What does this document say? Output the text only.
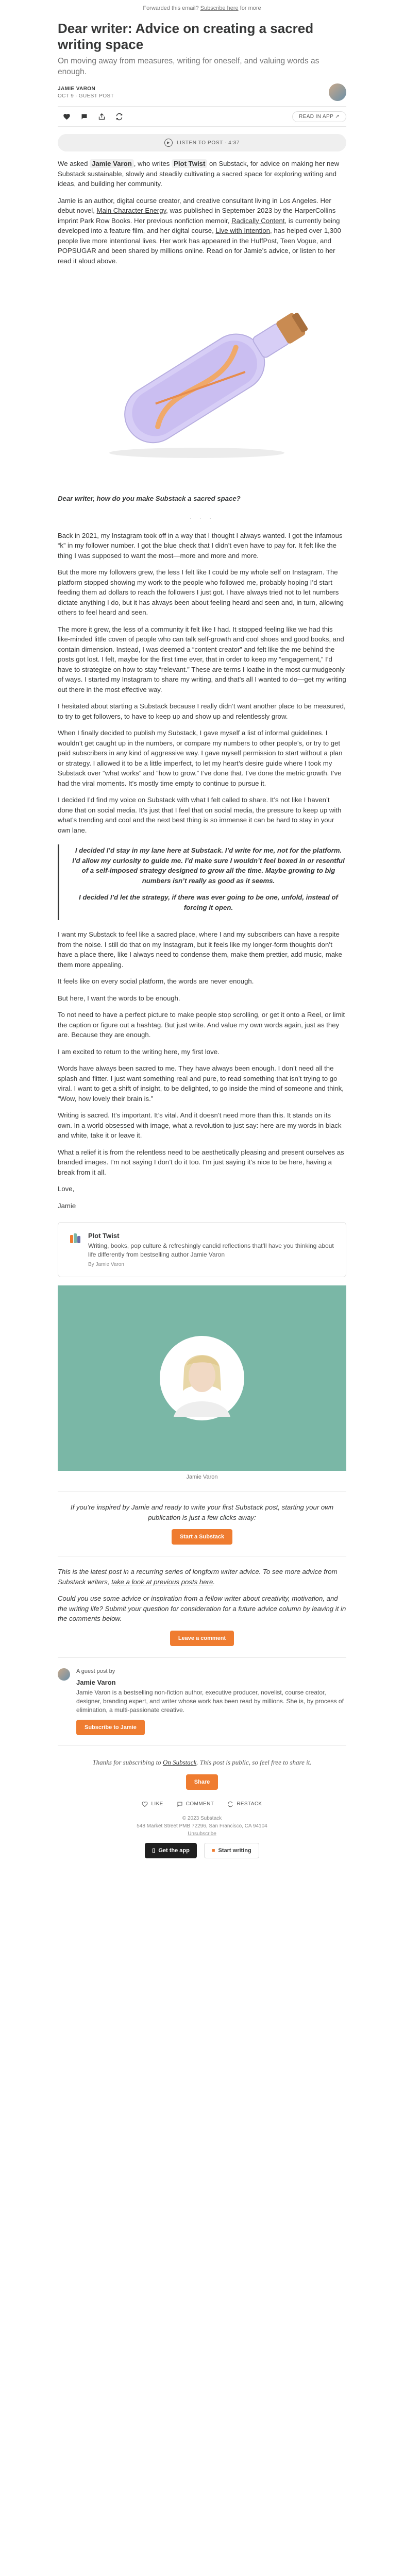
Forwarded this email? Subscribe here for more
Dear writer: Advice on creating a sacred writing space
On moving away from measures, writing for oneself, and valuing words as enough.
JAMIE VARON
OCT 9 ∙ GUEST POST
READ IN APP ↗
▶	LISTEN TO POST · 4:37

We asked Jamie Varon , who writes Plot Twist on Substack, for advice on making her new Substack sustainable, slowly and steadily cultivating a sacred space for exploring writing and ideas, and building her community.

Jamie is an author, digital course creator, and creative consultant living in Los Angeles. Her debut novel, Main Character Energy, was published in September 2023 by the HarperCollins imprint Park Row Books. Her previous nonfiction memoir, Radically Content, is currently being developed into a feature film, and her digital course, Live with Intention, has helped over 1,300 people live more intentional lives. Her work has appeared in the HuffPost, Teen Vogue, and POPSUGAR and been shared by millions online. Read on for Jamie’s advice, or listen to her read it aloud above.

Dear writer, how do you make Substack a sacred space?

· · ·

Back in 2021, my Instagram took off in a way that I thought I always wanted. I got the infamous “k” in my follower number. I got the blue check that I didn’t even have to pay for. It felt like the thing I was supposed to want the most—more and more and more.

But the more my followers grew, the less I felt like I could be my whole self on Instagram. The platform stopped showing my work to the people who followed me, probably hoping I’d start feeding them ad dollars to reach the followers I just got. I have always tried not to let numbers dictate anything I do, but it has always been about feeling heard and seen and, in turn, allowing others to feel heard and seen.

The more it grew, the less of a community it felt like I had. It stopped feeling like we had this like-minded little coven of people who can talk self-growth and cool shoes and good books, and contain dimension. Instead, I was deemed a “content creator” and felt like the me behind the posts got lost. I felt, maybe for the first time ever, that in order to keep my “engagement,” I’d have to strategize on how to stay “relevant.” These are terms I loathe in the most curmudgeonly of ways. I started my Instagram to share my writing, and that’s all I wanted to do—get my writing out there in the most effective way.

I hesitated about starting a Substack because I really didn’t want another place to be measured, to try to get followers, to have to keep up and show up and relentlessly grow.

When I finally decided to publish my Substack, I gave myself a list of informal guidelines. I wouldn’t get caught up in the numbers, or compare my numbers to other people’s, or try to get paid subscribers in any kind of aggressive way. I gave myself permission to start without a plan or strategy. I allowed it to be a little imperfect, to let my heart’s desire guide where I took my Substack over “what works” and “how to grow.” I’ve done that. I’ve done the metric growth. I’ve had the viral moments. It’s mostly time empty to continue to pursue it.

I decided I’d find my voice on Substack with what I felt called to share. It’s not like I haven’t done that on social media. It’s just that I feel that on social media, the pressure to keep up with what’s trending and cool and the next best thing is so immense it can be hard to stay in your own lane.

I decided I’d stay in my lane here at Substack. I’d write for me, not for the platform. I’d allow my curiosity to guide me. I’d make sure I wouldn’t feel boxed in or resentful of a self-imposed strategy designed to grow all the time. Maybe growing to big numbers isn’t really as good as it seems.

I decided I’d let the strategy, if there was ever going to be one, unfold, instead of forcing it open.

I want my Substack to feel like a sacred place, where I and my subscribers can have a respite from the noise. I still do that on my Instagram, but it feels like my longer-form thoughts don’t have a place there, like I always need to condense them, make them prettier, add music, make them more appealing.

It feels like on every social platform, the words are never enough.

But here, I want the words to be enough.

To not need to have a perfect picture to make people stop scrolling, or get it onto a Reel, or limit the caption or figure out a hashtag. But just write. And value my own words again, just as they are. Because they are enough.

I am excited to return to the writing here, my first love.

Words have always been sacred to me. They have always been enough. I don’t need all the splash and flitter. I just want something real and pure, to read something that isn’t trying to go viral. I want to get a shift of insight, to be delighted, to go inside the mind of someone and think, “Wow, how lovely their brain is.”

Writing is sacred. It’s important. It’s vital. And it doesn’t need more than this. It stands on its own. In a world obsessed with image, what a revolution to just say: here are my words in black and white, take it or leave it.

What a relief it is from the relentless need to be aesthetically pleasing and present ourselves as branded images. I’m not saying I don’t do it too. I’m just saying it’s nice to be here, having a break from it all.

Love,

Jamie

Plot Twist
Writing, books, pop culture & refreshingly candid reflections that’ll have you thinking about life differently from bestselling author Jamie Varon
By Jamie Varon
Jamie Varon

If you’re inspired by Jamie and ready to write your first Substack post, starting your own publication is just a few clicks away:

Start a Substack

This is the latest post in a recurring series of longform writer advice. To see more advice from Substack writers, take a look at previous posts here.

Could you use some advice or inspiration from a fellow writer about creativity, motivation, and the writing life? Submit your question for consideration for a future advice column by leaving it in the comments below.

Leave a comment
A guest post by
Jamie Varon
Jamie Varon is a bestselling non-fiction author, executive producer, novelist, course creator, designer, branding expert, and writer whose work has been read by millions. She is, by process of elimination, a multi-passionate creative.
Subscribe to Jamie
Thanks for subscribing to On Substack. This post is public, so feel free to share it.
Share
LIKE	COMMENT	RESTACK
© 2023 Substack
548 Market Street PMB 72296, San Francisco, CA 94104
Unsubscribe
▯ Get the app	■ Start writing
